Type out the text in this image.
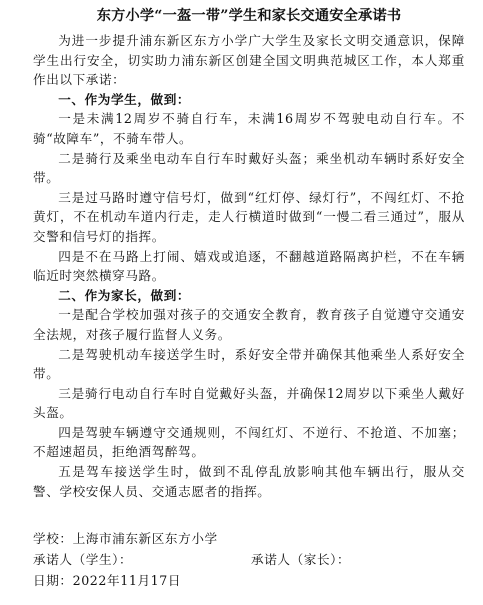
东方小学“一盔一带”学生和家长交通安全承诺书

为进一步提升浦东新区东方小学广大学生及家长文明交通意识，保障学生出行安全，切实助力浦东新区创建全国文明典范城区工作，本人郑重作出以下承诺：

一、作为学生，做到：

一是未满12周岁不骑自行车，未满16周岁不驾驶电动自行车。不骑“故障车”，不骑车带人。

二是骑行及乘坐电动车自行车时戴好头盔；乘坐机动车辆时系好安全带。

三是过马路时遵守信号灯，做到“红灯停、绿灯行”，不闯红灯、不抢黄灯，不在机动车道内行走，走人行横道时做到“一慢二看三通过”，服从交警和信号灯的指挥。

四是不在马路上打闹、嬉戏或追逐，不翻越道路隔离护栏，不在车辆临近时突然横穿马路。

二、作为家长，做到：

一是配合学校加强对孩子的交通安全教育，教育孩子自觉遵守交通安全法规，对孩子履行监督人义务。

二是驾驶机动车接送学生时，系好安全带并确保其他乘坐人系好安全带。

三是骑行电动自行车时自觉戴好头盔，并确保12周岁以下乘坐人戴好头盔。

四是驾驶车辆遵守交通规则，不闯红灯、不逆行、不抢道、不加塞；不超速超员，拒绝酒驾醉驾。

五是驾车接送学生时，做到不乱停乱放影响其他车辆出行，服从交警、学校安保人员、交通志愿者的指挥。

学校：上海市浦东新区东方小学

承诺人（学生）：	承诺人（家长）：

日期：2022年11月17日
